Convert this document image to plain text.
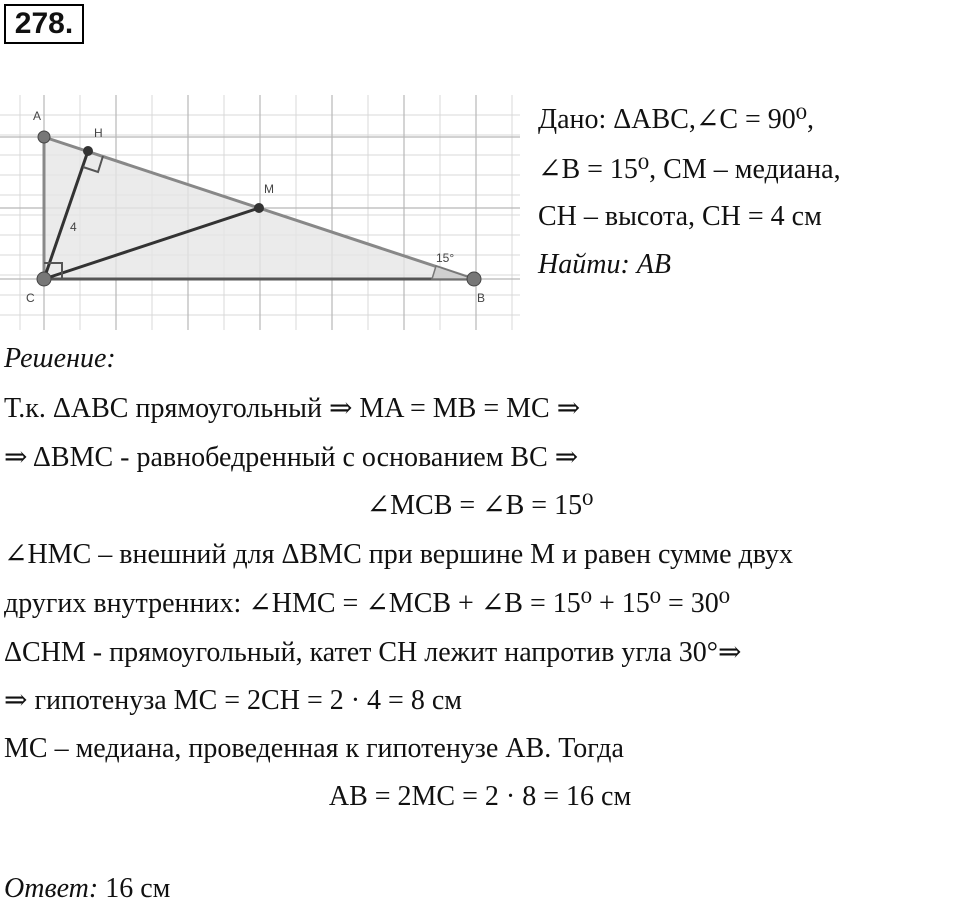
278.
A
H
M
C	B
4
15°
Дано: ΔABC,∠C = 90⁰,
∠B = 15⁰, CM – медиана,
CH – высота, CH = 4 см
Найти: AB
Решение:
Т.к. ΔABC прямоугольный ⇒ MA = MB = MC ⇒
⇒ ΔBMC - равнобедренный с основанием BC ⇒
∠MCB = ∠B = 15⁰
∠HMC – внешний для ΔBMC при вершине M и равен сумме двух
других внутренних: ∠HMC = ∠MCB + ∠B = 15⁰ + 15⁰ = 30⁰
ΔCHM - прямоугольный, катет CH лежит напротив угла 30°⇒
⇒ гипотенуза MC = 2CH = 2 · 4 = 8 см
MC – медиана, проведенная к гипотенузе AB. Тогда
AB = 2MC = 2 · 8 = 16 см
Ответ: 16 см
